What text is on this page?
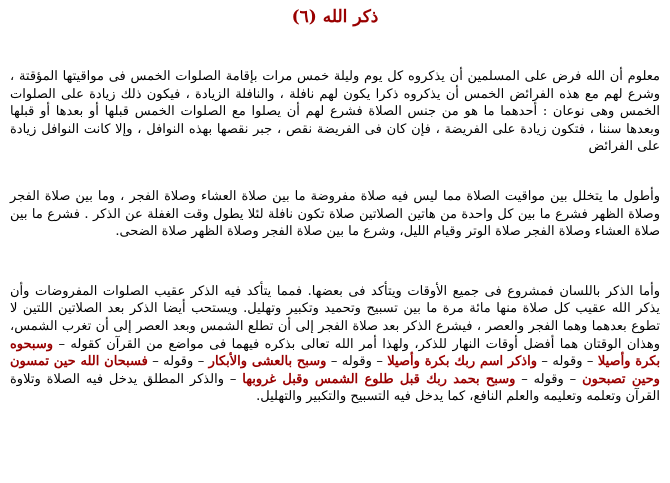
ذكر الله (٦)

معلوم أن الله فرض على المسلمين أن يذكروه كل يوم وليلة خمس مرات بإقامة الصلوات الخمس فى مواقيتها المؤقتة ، وشرع لهم مع هذه الفرائض الخمس أن يذكروه ذكرا يكون لهم نافلة ، والنافلة الزيادة ، فيكون ذلك زيادة على الصلوات الخمس وهى نوعان : أحدهما ما هو من جنس الصلاة فشرع لهم أن يصلوا مع الصلوات الخمس قبلها أو بعدها أو قبلها وبعدها سننا ، فتكون زيادة على الفريضة ، فإن كان فى الفريضة نقص ، جبر نقصها بهذه النوافل ، وإلا كانت النوافل زيادة على الفرائض

وأطول ما يتخلل بين مواقيت الصلاة مما ليس فيه صلاة مفروضة ما بين صلاة العشاء وصلاة الفجر ، وما بين صلاة الفجر وصلاة الظهر فشرع ما بين كل واحدة من هاتين الصلاتين صلاة تكون نافلة لئلا يطول وقت الغفلة عن الذكر . فشرع ما بين صلاة العشاء وصلاة الفجر صلاة الوتر وقيام الليل، وشرع ما بين صلاة الفجر وصلاة الظهر صلاة الضحى.

وأما الذكر باللسان فمشروع فى جميع الأوقات ويتأكد فى بعضها. فمما يتأكد فيه الذكر عقيب الصلوات المفروضات وأن يذكر الله عقيب كل صلاة منها مائة مرة ما بين تسبيح وتحميد وتكبير وتهليل. ويستحب أيضا الذكر بعد الصلاتين اللتين لا تطوع بعدهما وهما الفجر والعصر ، فيشرع الذكر بعد صلاة الفجر إلى أن تطلع الشمس وبعد العصر إلى أن تغرب الشمس، وهذان الوقتان هما أفضل أوقات النهار للذكر، ولهذا أمر الله تعالى بذكره فيهما فى مواضع من القرآن كقوله – وسبحوه بكرة وأصيلا – وقوله – واذكر اسم ربك بكرة وأصيلا – وقوله – وسبح بالعشى والأبكار – وقوله – فسبحان الله حين تمسون وحين تصبحون – وقوله – وسبح بحمد ربك قبل طلوع الشمس وقبل غروبها – والذكر المطلق يدخل فيه الصلاة وتلاوة القرآن وتعلمه وتعليمه والعلم النافع، كما يدخل فيه التسبيح والتكبير والتهليل.
